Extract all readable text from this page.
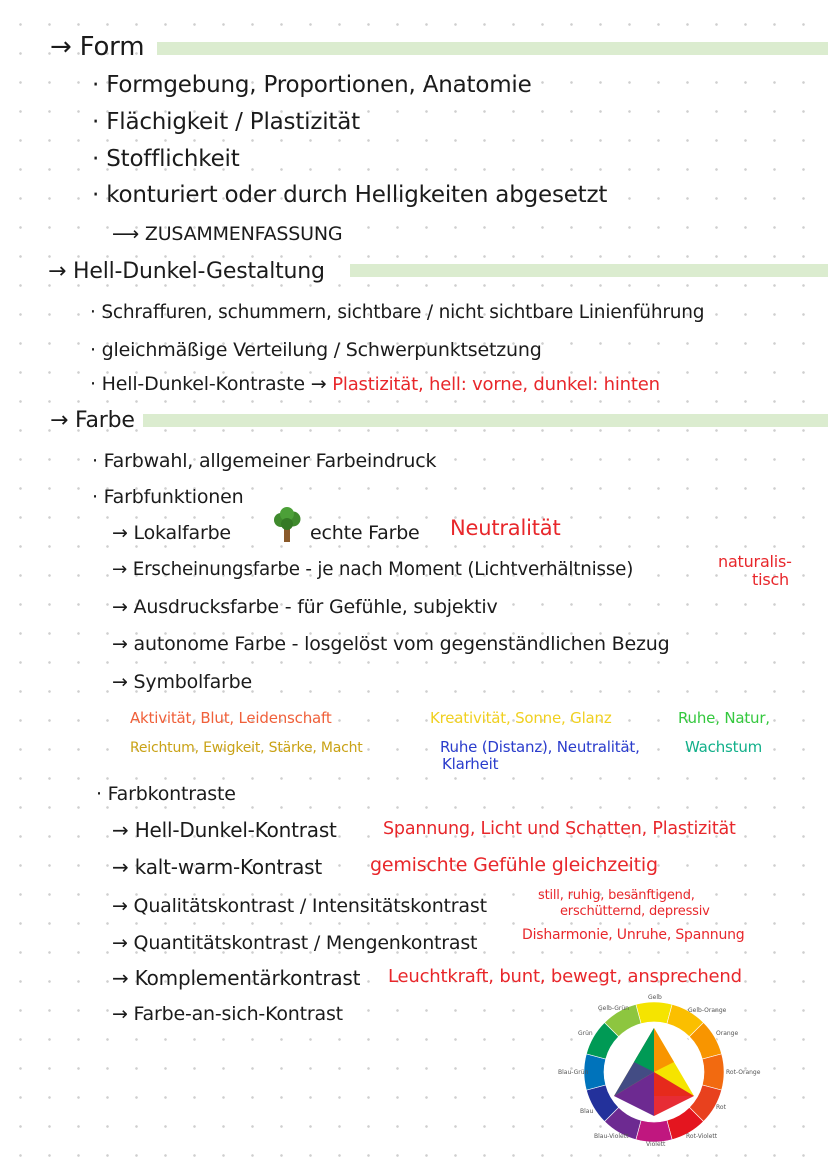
→ Form
· Formgebung, Proportionen, Anatomie
· Flächigkeit / Plastizität
· Stofflichkeit
· konturiert oder durch Helligkeiten abgesetzt
⟶ ZUSAMMENFASSUNG
→ Hell-Dunkel-Gestaltung
· Schraffuren, schummern, sichtbare / nicht sichtbare Linienführung
· gleichmäßige Verteilung / Schwerpunktsetzung
· Hell-Dunkel-Kontraste → Plastizität, hell: vorne, dunkel: hinten
→ Farbe
· Farbwahl, allgemeiner Farbeindruck
· Farbfunktionen
→ Lokalfarbe	echte Farbe Neutralität
→ Erscheinungsfarbe - je nach Moment (Lichtverhältnisse)	naturalis-
tisch
→ Ausdrucksfarbe - für Gefühle, subjektiv
→ autonome Farbe - losgelöst vom gegenständlichen Bezug
→ Symbolfarbe
Aktivität, Blut, Leidenschaft	Kreativität, Sonne, Glanz	Ruhe, Natur,
Reichtum, Ewigkeit, Stärke, Macht	Ruhe (Distanz), Neutralität,
Klarheit
Wachstum
· Farbkontraste
→ Hell-Dunkel-Kontrast	Spannung, Licht und Schatten, Plastizität
→ kalt-warm-Kontrast	gemischte Gefühle gleichzeitig
→ Qualitätskontrast / Intensitätskontrast	still, ruhig, besänftigend,
erschütternd, depressiv
→ Quantitätskontrast / Mengenkontrast	Disharmonie, Unruhe, Spannung
→ Komplementärkontrast Leuchtkraft, bunt, bewegt, ansprechend
→ Farbe-an-sich-Kontrast
Gelb
Gelb-Orange
Orange
Rot-Orange
Rot
Rot-Violett
Violett
Blau-Violett
Blau
Blau-Grün
Grün
Gelb-Grün
